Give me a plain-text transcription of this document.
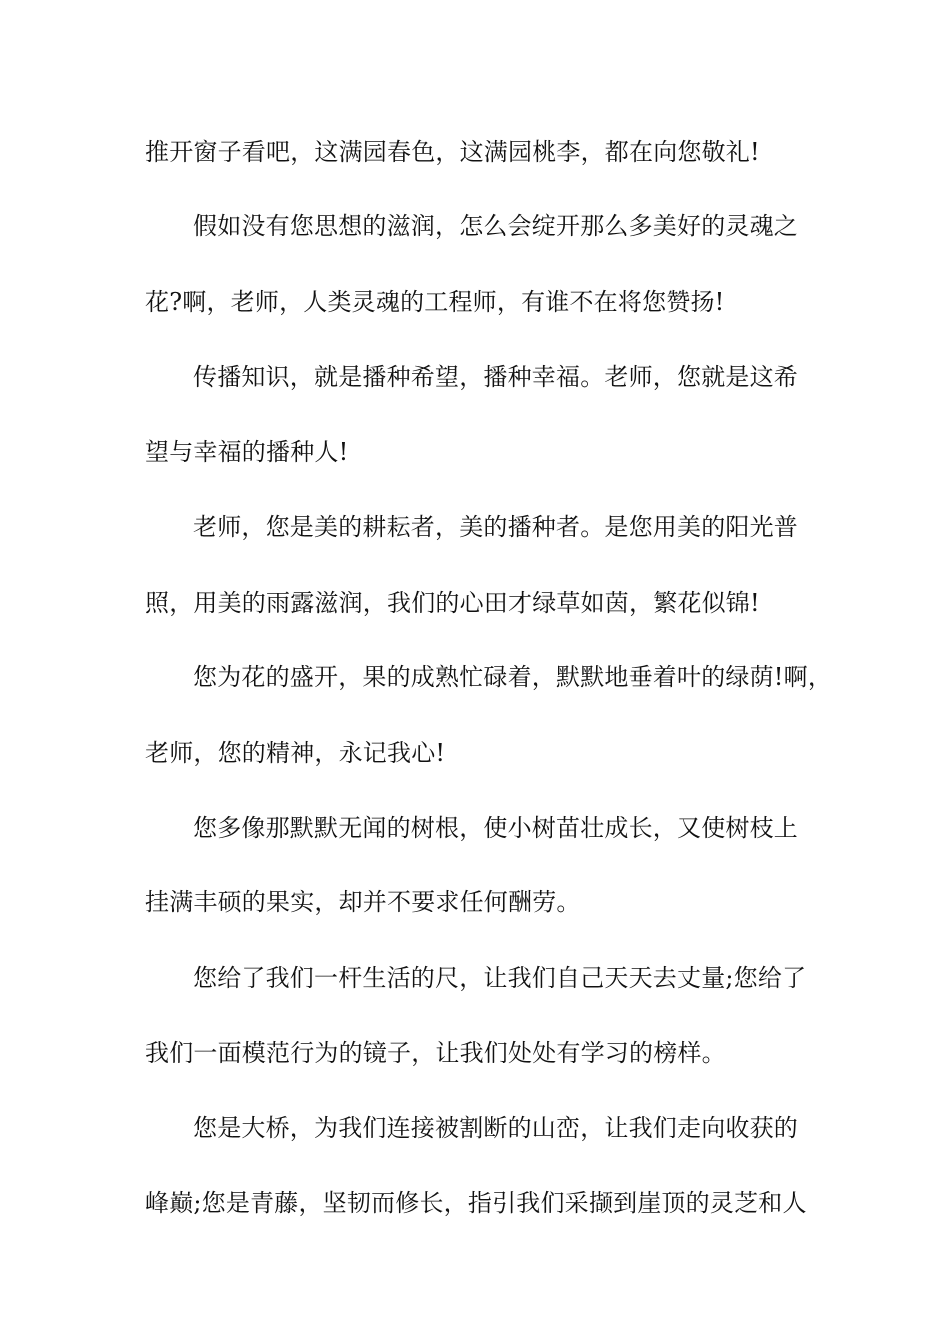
推开窗子看吧，这满园春色，这满园桃李，都在向您敬礼!

假如没有您思想的滋润，怎么会绽开那么多美好的灵魂之

花?啊，老师，人类灵魂的工程师，有谁不在将您赞扬!

传播知识，就是播种希望，播种幸福。老师，您就是这希

望与幸福的播种人!

老师，您是美的耕耘者，美的播种者。是您用美的阳光普

照，用美的雨露滋润，我们的心田才绿草如茵，繁花似锦!

您为花的盛开，果的成熟忙碌着，默默地垂着叶的绿荫!啊，

老师，您的精神，永记我心!

您多像那默默无闻的树根，使小树苗壮成长，又使树枝上

挂满丰硕的果实，却并不要求任何酬劳。

您给了我们一杆生活的尺，让我们自己天天去丈量;您给了

我们一面模范行为的镜子，让我们处处有学习的榜样。

您是大桥，为我们连接被割断的山峦，让我们走向收获的

峰巅;您是青藤，坚韧而修长，指引我们采撷到崖顶的灵芝和人
